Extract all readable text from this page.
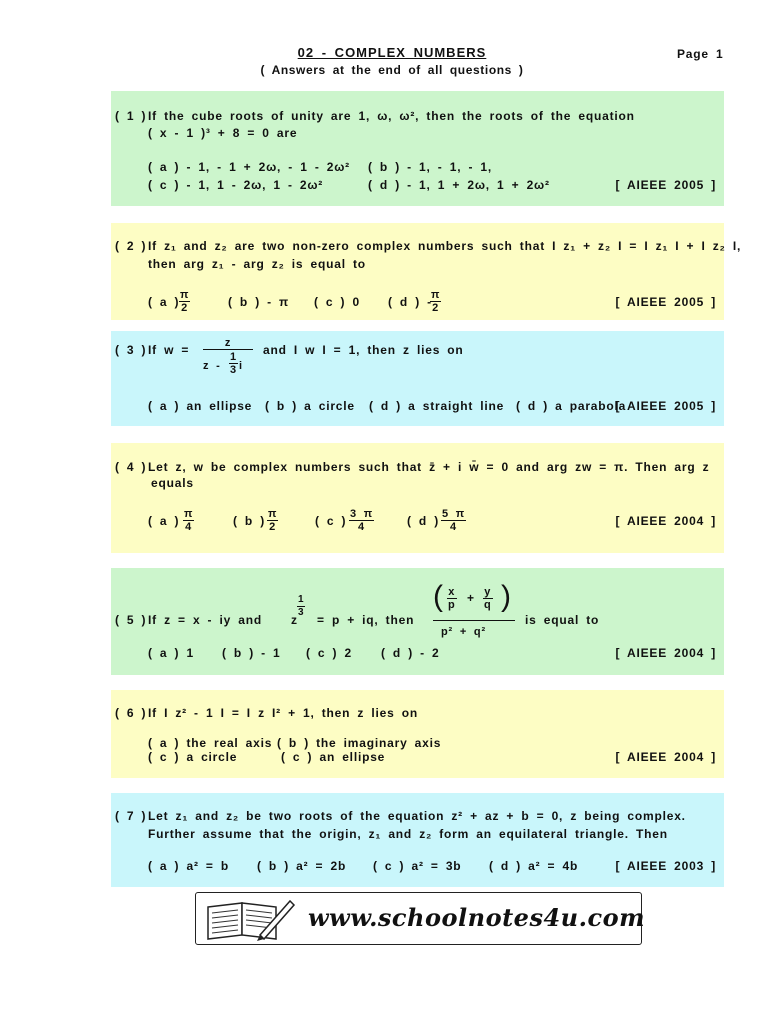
02 - COMPLEX NUMBERS
( Answers at the end of all questions )
Page 1
( 1 ) If the cube roots of unity are 1, ω, ω², then the roots of the equation
( x - 1 )³ + 8 = 0 are
( a ) - 1, - 1 + 2ω, - 1 - 2ω² ( b ) - 1, - 1, - 1,
( c ) - 1, 1 - 2ω, 1 - 2ω²	( d ) - 1, 1 + 2ω, 1 + 2ω²	[ AIEEE 2005 ]
( 2 ) If z₁ and z₂ are two non-zero complex numbers such that I z₁ + z₂ I = I z₁ I + I z₂ I,
then arg z₁ - arg z₂ is equal to
( a ) $\frac{\pi}{2}$	( b ) - π ( c ) 0 ( d ) -
$\frac{\pi}{2}$	[ AIEEE 2005 ]
( 3 ) If $w = \frac{z}{z - \frac{1}{3} i}$ and I w I = 1, then z lies on
( a ) an ellipse ( b ) a circle ( d ) a straight line ( d ) a parabola
[ AIEEE 2005 ]
( 4 ) Let z, w be complex numbers such that z̄ + i w̄ = 0 and arg zw = π. Then arg z
equals
( a ) $\frac{\pi}{4}$	( b ) $\frac{\pi}{2}$	( c ) $\frac{3 \pi}{4}$	( d ) $\frac{5 \pi}{4}$	[ AIEEE 2004 ]
( 5 ) If z = x - iy and z
$\frac{1}{3}$
= p + iq, then
( $\frac{x}{p} + \frac{y}{q}$ )
p² + q²
is equal to
( a ) 1 ( b ) - 1 ( c ) 2 ( d ) - 2	[ AIEEE 2004 ]
( 6 ) If I z² - 1 I = I z I² + 1, then z lies on
( a ) the real axis ( b ) the imaginary axis
( c ) a circle	( c ) an ellipse	[ AIEEE 2004 ]
( 7 ) Let z₁ and z₂ be two roots of the equation z² + az + b = 0, z being complex.
Further assume that the origin, z₁ and z₂ form an equilateral triangle. Then
( a ) a² = b ( b ) a² = 2b ( c ) a² = 3b ( d ) a² = 4b	[ AIEEE 2003 ]
www.schoolnotes4u.com
